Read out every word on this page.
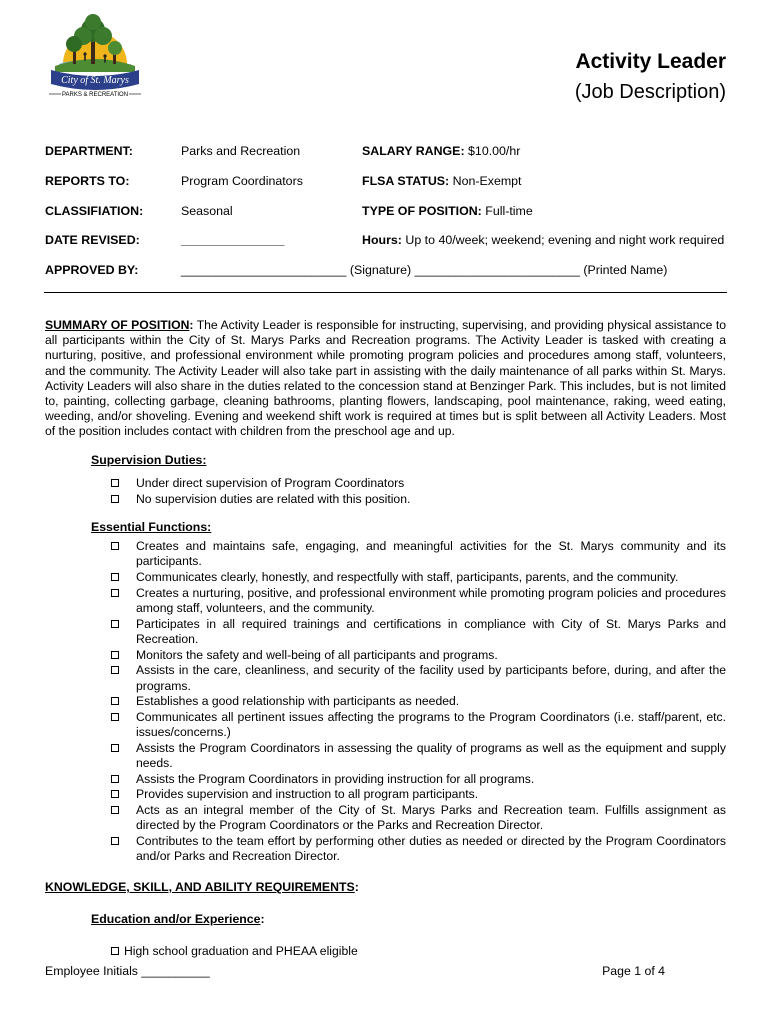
City of St. Marys
PARKS & RECREATION
Activity Leader
(Job Description)
DEPARTMENT:	Parks and Recreation	SALARY RANGE: $10.00/hr
REPORTS TO:	Program Coordinators	FLSA STATUS: Non-Exempt
CLASSIFIATION:	Seasonal	TYPE OF POSITION: Full-time
DATE REVISED:	_______________	Hours: Up to 40/week; weekend; evening and night work required
APPROVED BY:	________________________ (Signature) ________________________ (Printed Name)
SUMMARY OF POSITION: The Activity Leader is responsible for instructing, supervising, and providing physical assistance to all participants within the City of St. Marys Parks and Recreation programs. The Activity Leader is tasked with creating a nurturing, positive, and professional environment while promoting program policies and procedures among staff, volunteers, and the community. The Activity Leader will also take part in assisting with the daily maintenance of all parks within St. Marys. Activity Leaders will also share in the duties related to the concession stand at Benzinger Park. This includes, but is not limited to, painting, collecting garbage, cleaning bathrooms, planting flowers, landscaping, pool maintenance, raking, weed eating, weeding, and/or shoveling. Evening and weekend shift work is required at times but is split between all Activity Leaders. Most of the position includes contact with children from the preschool age and up.
Supervision Duties:
Under direct supervision of Program Coordinators
No supervision duties are related with this position.
Essential Functions:
Creates and maintains safe, engaging, and meaningful activities for the St. Marys community and its participants.
Communicates clearly, honestly, and respectfully with staff, participants, parents, and the community.
Creates a nurturing, positive, and professional environment while promoting program policies and procedures among staff, volunteers, and the community.
Participates in all required trainings and certifications in compliance with City of St. Marys Parks and Recreation.
Monitors the safety and well-being of all participants and programs.
Assists in the care, cleanliness, and security of the facility used by participants before, during, and after the programs.
Establishes a good relationship with participants as needed.
Communicates all pertinent issues affecting the programs to the Program Coordinators (i.e. staff/parent, etc. issues/concerns.)
Assists the Program Coordinators in assessing the quality of programs as well as the equipment and supply needs.
Assists the Program Coordinators in providing instruction for all programs.
Provides supervision and instruction to all program participants.
Acts as an integral member of the City of St. Marys Parks and Recreation team. Fulfills assignment as directed by the Program Coordinators or the Parks and Recreation Director.
Contributes to the team effort by performing other duties as needed or directed by the Program Coordinators and/or Parks and Recreation Director.
KNOWLEDGE, SKILL, AND ABILITY REQUIREMENTS:
Education and/or Experience:
High school graduation and PHEAA eligible
Employee Initials __________	Page 1 of 4
